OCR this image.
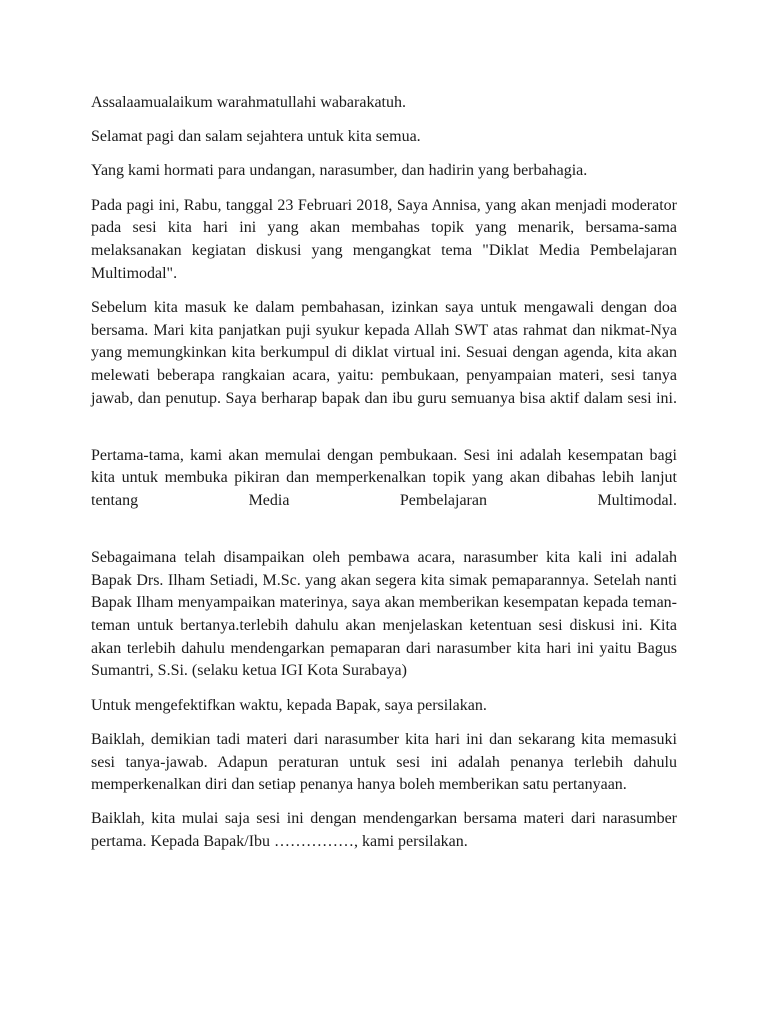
Assalaamualaikum warahmatullahi wabarakatuh.

Selamat pagi dan salam sejahtera untuk kita semua.

Yang kami hormati para undangan, narasumber, dan hadirin yang berbahagia.

Pada pagi ini, Rabu, tanggal 23 Februari 2018, Saya Annisa, yang akan menjadi moderator pada sesi kita hari ini yang akan membahas topik yang menarik, bersama-sama melaksanakan kegiatan diskusi yang mengangkat tema "Diklat Media Pembelajaran Multimodal".

Sebelum kita masuk ke dalam pembahasan, izinkan saya untuk mengawali dengan doa bersama. Mari kita panjatkan puji syukur kepada Allah SWT atas rahmat dan nikmat-Nya yang memungkinkan kita berkumpul di diklat virtual ini. Sesuai dengan agenda, kita akan melewati beberapa rangkaian acara, yaitu: pembukaan, penyampaian materi, sesi tanya jawab, dan penutup. Saya berharap bapak dan ibu guru semuanya bisa aktif dalam sesi ini.

Pertama-tama, kami akan memulai dengan pembukaan. Sesi ini adalah kesempatan bagi kita untuk membuka pikiran dan memperkenalkan topik yang akan dibahas lebih lanjut tentang Media Pembelajaran Multimodal.

Sebagaimana telah disampaikan oleh pembawa acara, narasumber kita kali ini adalah Bapak Drs. Ilham Setiadi, M.Sc. yang akan segera kita simak pemaparannya. Setelah nanti Bapak Ilham menyampaikan materinya, saya akan memberikan kesempatan kepada teman-teman untuk bertanya.terlebih dahulu akan menjelaskan ketentuan sesi diskusi ini. Kita akan terlebih dahulu mendengarkan pemaparan dari narasumber kita hari ini yaitu Bagus Sumantri, S.Si. (selaku ketua IGI Kota Surabaya)

Untuk mengefektifkan waktu, kepada Bapak, saya persilakan.

Baiklah, demikian tadi materi dari narasumber kita hari ini dan sekarang kita memasuki sesi tanya-jawab. Adapun peraturan untuk sesi ini adalah penanya terlebih dahulu memperkenalkan diri dan setiap penanya hanya boleh memberikan satu pertanyaan.

Baiklah, kita mulai saja sesi ini dengan mendengarkan bersama materi dari narasumber pertama. Kepada Bapak/Ibu ……………, kami persilakan.
